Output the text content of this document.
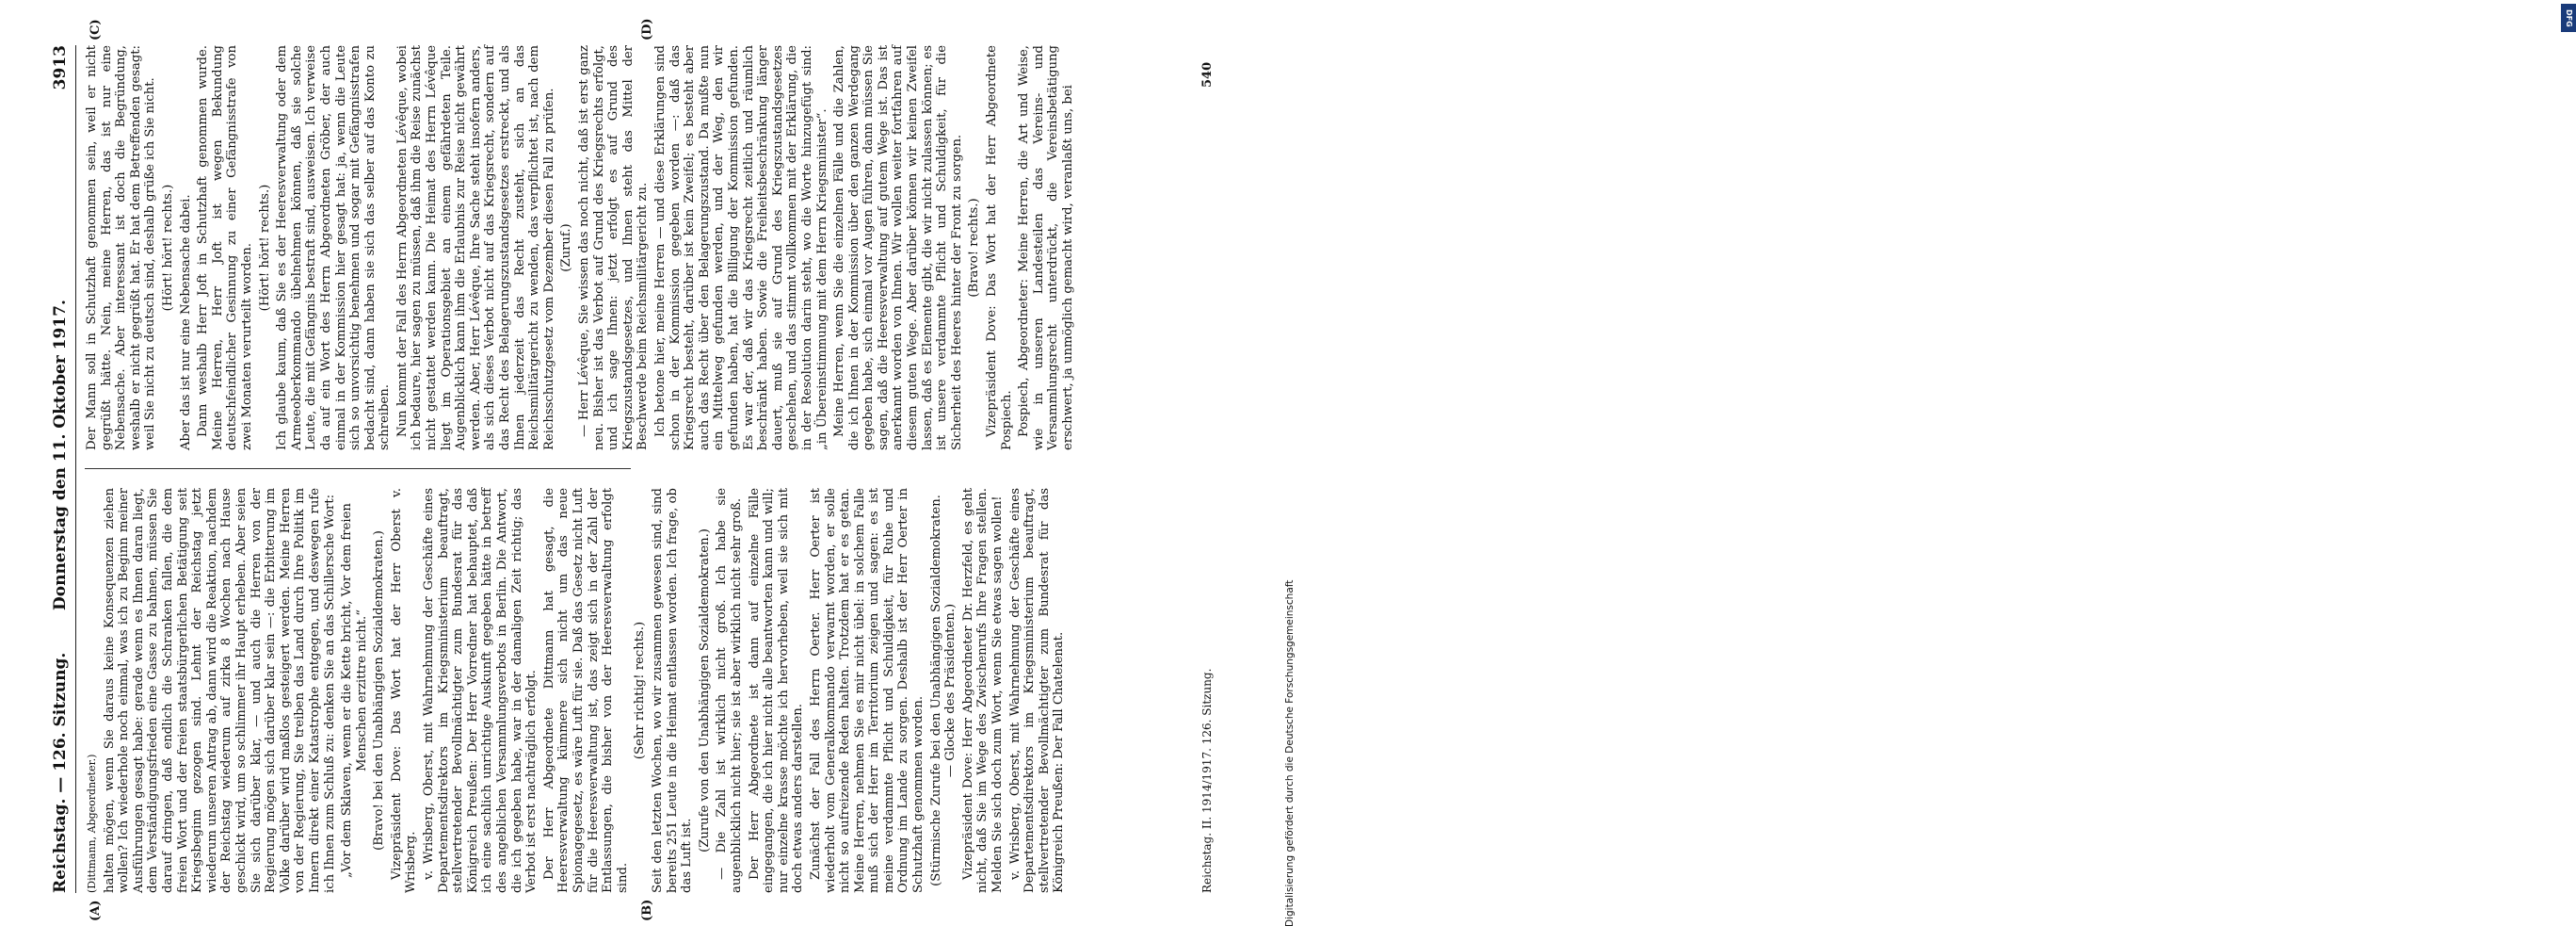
Reichstag. — 126. Sitzung.
Donnerstag den 11. Oktober 1917.
3913
(A)	(B)
(C)	(D)

(Dittmann, Abgeordneter.) halten mögen, wenn Sie daraus keine Konsequenzen ziehen wollen? Ich wiederhole noch einmal, was ich zu Beginn meiner Ausführungen gesagt habe: gerade wenn es Ihnen daran liegt, dem Verständigungsfrieden eine Gasse zu bahnen, müssen Sie darauf dringen, daß endlich die Schranken fallen, die dem freien Wort und der freien staatsbürgerlichen Betätigung seit Kriegsbeginn gezogen sind. Lehnt der Reichstag jetzt wiederum unseren Antrag ab, dann wird die Reaktion, nachdem der Reichstag wiederum auf zirka 8 Wochen nach Hause geschickt wird, um so schlimmer ihr Haupt erheben. Aber seien Sie sich darüber klar, — und auch die Herren von der Regierung mögen sich darüber klar sein —: die Erbitterung im Volke darüber wird maßlos gesteigert werden. Meine Herren von der Regierung, Sie treiben das Land durch Ihre Politik im Innern direkt einer Katastrophe entgegen, und deswegen rufe ich Ihnen zum Schluß zu: denken Sie an das Schillersche Wort: „Vor dem Sklaven, wenn er die Kette bricht, Vor dem freien Menschen erzittre nicht.“ (Bravo! bei den Unabhängigen Sozialdemokraten.) Vizepräsident Dove: Das Wort hat der Herr Oberst v. Wrisberg. v. Wrisberg, Oberst, mit Wahrnehmung der Geschäfte eines Departementsdirektors im Kriegsministerium beauftragt, stellvertretender Bevollmächtigter zum Bundesrat für das Königreich Preußen: Der Herr Vorredner hat behauptet, daß ich eine sachlich unrichtige Auskunft gegeben hätte in betreff des angeblichen Versammlungsverbots in Berlin. Die Antwort, die ich gegeben habe, war in der damaligen Zeit richtig; das Verbot ist erst nachträglich erfolgt. Der Herr Abgeordnete Dittmann hat gesagt, die Heeresverwaltung kümmere sich nicht um das neue Spionagegesetz, es wäre Luft für sie. Daß das Gesetz nicht Luft für die Heeresverwaltung ist, das zeigt sich in der Zahl der Entlassungen, die bisher von der Heeresverwaltung erfolgt sind.

(Sehr richtig! rechts.) Seit den letzten Wochen, wo wir zusammen gewesen sind, sind bereits 251 Leute in die Heimat entlassen worden. Ich frage, ob das Luft ist.

(Zurufe von den Unabhängigen Sozialdemokraten.) — Die Zahl ist wirklich nicht groß. Ich habe sie augenblicklich nicht hier; sie ist aber wirklich nicht sehr groß. Der Herr Abgeordnete ist dann auf einzelne Fälle eingegangen, die ich hier nicht alle beantworten kann und will; nur einzelne krasse möchte ich hervorheben, weil sie sich mit doch etwas anders darstellen. Zunächst der Fall des Herrn Oerter. Herr Oerter ist wiederholt vom Generalkommando verwarnt worden, er solle nicht so aufreizende Reden halten. Trotzdem hat er es getan. Meine Herren, nehmen Sie es mir nicht übel: in solchem Falle muß sich der Herr im Territorium zeigen und sagen: es ist meine verdammte Pflicht und Schuldigkeit, für Ruhe und Ordnung im Lande zu sorgen. Deshalb ist der Herr Oerter in Schutzhaft genommen worden. (Stürmische Zurufe bei den Unabhängigen Sozialdemokraten. — Glocke des Präsidenten.) Vizepräsident Dove: Herr Abgeordneter Dr. Herzfeld, es geht nicht, daß Sie im Wege des Zwischenrufs Ihre Fragen stellen. Melden Sie sich doch zum Wort, wenn Sie etwas sagen wollen! v. Wrisberg, Oberst, mit Wahrnehmung der Geschäfte eines Departementsdirektors im Kriegsministerium beauftragt, stellvertretender Bevollmächtigter zum Bundesrat für das Königreich Preußen: Der Fall Chatelenat.

Der Mann soll in Schutzhaft genommen sein, weil er nicht gegrüßt hätte. Nein, meine Herren, das ist nur eine Nebensache. Aber interessant ist doch die Begründung, weshalb er nicht gegrüßt hat. Er hat dem Betreffenden gesagt: weil Sie nicht zu deutsch sind, deshalb grüße ich Sie nicht. (Hört! hört! rechts.) Aber das ist nur eine Nebensache dabei. Dann weshalb Herr Joft in Schutzhaft genommen wurde. Meine Herren, Herr Joft ist wegen Bekundung deutschfeindlicher Gesinnung zu einer Gefängnisstrafe von zwei Monaten verurteilt worden. (Hört! hört! rechts.) Ich glaube kaum, daß Sie es der Heeresverwaltung oder dem Armeeoberkommando übelnehmen können, daß sie solche Leute, die mit Gefängnis bestraft sind, ausweisen. Ich verweise da auf ein Wort des Herrn Abgeordneten Gröber, der auch einmal in der Kommission hier gesagt hat: ja, wenn die Leute sich so unvorsichtig benehmen und sogar mit Gefängnisstrafen bedacht sind, dann haben sie sich das selber auf das Konto zu schreiben. Nun kommt der Fall des Herrn Abgeordneten Lévêque, wobei ich bedaure, hier sagen zu müssen, daß ihm die Reise zunächst nicht gestattet werden kann. Die Heimat des Herrn Lévêque liegt im Operationsgebiet an einem gefährdeten Teile. Augenblicklich kann ihm die Erlaubnis zur Reise nicht gewährt werden. Aber, Herr Lévêque, Ihre Sache steht insofern anders, als sich dieses Verbot nicht auf das Kriegsrecht, sondern auf das Recht des Belagerungszustandsgesetzes erstreckt, und als Ihnen jederzeit das Recht zusteht, sich an das Reichsmilitärgericht zu wenden, das verpflichtet ist, nach dem Reichsschutzgesetz vom Dezember diesen Fall zu prüfen. (Zuruf.) — Herr Lévêque, Sie wissen das noch nicht, daß ist erst ganz neu. Bisher ist das Verbot auf Grund des Kriegsrechts erfolgt, und ich sage Ihnen: jetzt erfolgt es auf Grund des Kriegszustandsgesetzes, und Ihnen steht das Mittel der Beschwerde beim Reichsmilitärgericht zu. Ich betone hier, meine Herren — und diese Erklärungen sind schon in der Kommission gegeben worden —: daß das Kriegsrecht besteht, darüber ist kein Zweifel; es besteht aber auch das Recht über den Belagerungszustand. Da mußte nun ein Mittelweg gefunden werden, und der Weg, den wir gefunden haben, hat die Billigung der Kommission gefunden. Es war der, daß wir das Kriegsrecht zeitlich und räumlich beschränkt haben. Sowie die Freiheitsbeschränkung länger dauert, muß sie auf Grund des Kriegszustandsgesetzes geschehen, und das stimmt vollkommen mit der Erklärung, die in der Resolution darin steht, wo die Worte hinzugefügt sind: „in Übereinstimmung mit dem Herrn Kriegsminister“. Meine Herren, wenn Sie die einzelnen Fälle und die Zahlen, die ich Ihnen in der Kommission über den ganzen Werdegang gegeben habe, sich einmal vor Augen führen, dann müssen Sie sagen, daß die Heeresverwaltung auf gutem Wege ist. Das ist anerkannt worden von Ihnen. Wir wollen weiter fortfahren auf diesem guten Wege. Aber darüber können wir keinen Zweifel lassen, daß es Elemente gibt, die wir nicht zulassen können; es ist unsere verdammte Pflicht und Schuldigkeit, für die Sicherheit des Heeres hinter der Front zu sorgen. (Bravo! rechts.) Vizepräsident Dove: Das Wort hat der Herr Abgeordnete Pospiech. Pospiech, Abgeordneter: Meine Herren, die Art und Weise, wie in unseren Landesteilen das Vereins- und Versammlungsrecht unterdrückt, die Vereinsbetätigung erschwert, ja unmöglich gemacht wird, veranlaßt uns, bei

Reichstag. II. 1914/1917. 126. Sitzung.
540
DFG
Digitalisierung gefördert durch die Deutsche Forschungsgemeinschaft
